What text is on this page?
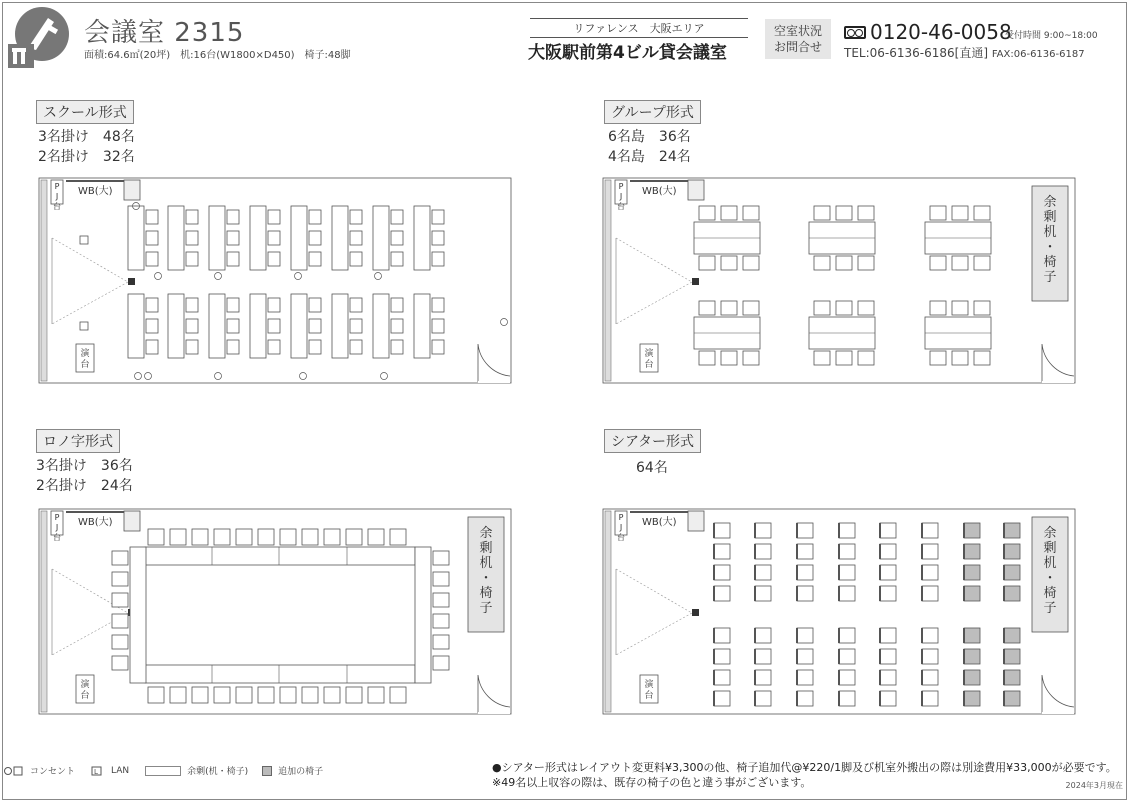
会議室 2315
面積:64.6㎡(20坪)　机:16台(W1800×D450)　椅子:48脚
リファレンス　大阪エリア
大阪駅前第4ビル貸会議室
空室状況
お問合せ
0120-46-0058
受付時間 9:00~18:00
TEL:06-6136-6186[直通] FAX:06-6136-6187
スクール形式
3名掛け　48名
2名掛け　32名
グループ形式
6名島　36名
4名島　24名
ロノ字形式
3名掛け　36名
2名掛け　24名
シアター形式
64名
P
J
台
WB(大)
演
台
P
J
台
WB(大)
演
台
余
剰
机
・
椅
子
P
J
台
WB(大)
演
台
余
剰
机
・
椅
子
P
J
台
WB(大)
演
台
余
剰
机
・
椅
子
コンセント	L LAN	余剰(机・椅子)	追加の椅子	●シアター形式はレイアウト変更料¥3,300の他、椅子追加代@¥220/1脚及び机室外搬出の際は別途費用¥33,000が必要です。
※49名以上収容の際は、既存の椅子の色と違う事がございます。	2024年3月現在
